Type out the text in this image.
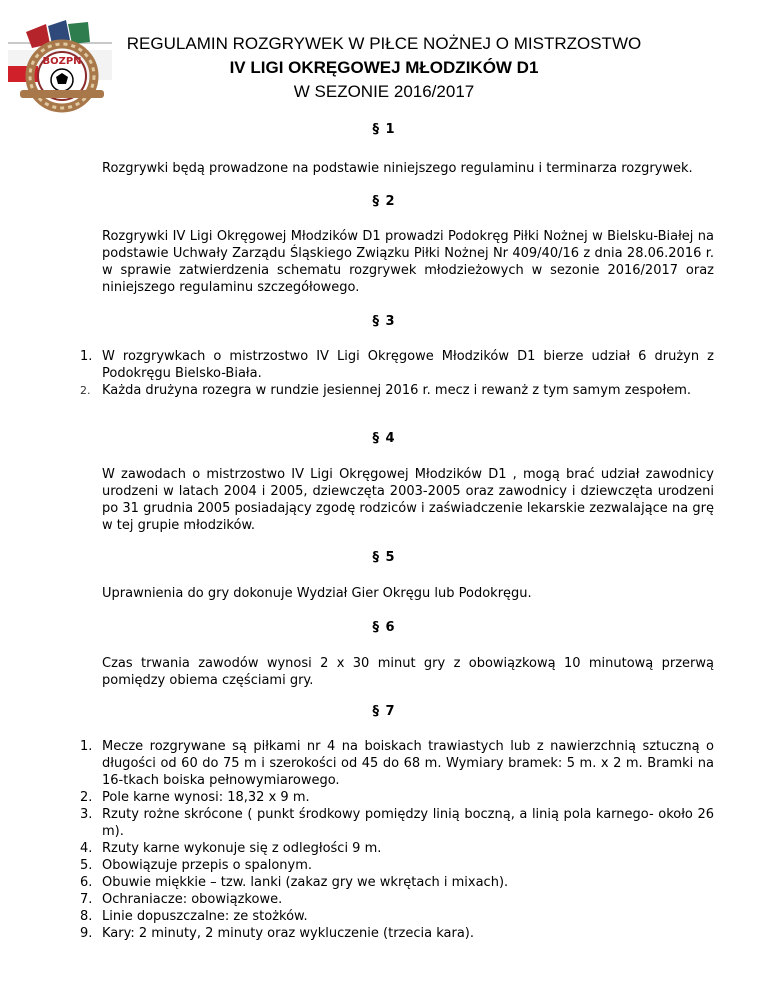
BOZPN
REGULAMIN ROZGRYWEK W PIŁCE NOŻNEJ O MISTRZOSTWO
IV LIGI OKRĘGOWEJ MŁODZIKÓW D1
W SEZONIE 2016/2017
§ 1
Rozgrywki będą prowadzone na podstawie niniejszego regulaminu i terminarza rozgrywek.
§ 2
Rozgrywki IV Ligi Okręgowej Młodzików D1 prowadzi Podokręg Piłki Nożnej w Bielsku-Białej na podstawie Uchwały Zarządu Śląskiego Związku Piłki Nożnej Nr 409/40/16 z dnia 28.06.2016 r. w sprawie zatwierdzenia schematu rozgrywek młodzieżowych w sezonie 2016/2017 oraz niniejszego regulaminu szczegółowego.
§ 3
1. W rozgrywkach o mistrzostwo IV Ligi Okręgowe Młodzików D1 bierze udział 6 drużyn z Podokręgu Bielsko-Biała.
2. Każda drużyna rozegra w rundzie jesiennej 2016 r. mecz i rewanż z tym samym zespołem.
§ 4
W zawodach o mistrzostwo IV Ligi Okręgowej Młodzików D1 , mogą brać udział zawodnicy urodzeni w latach 2004 i 2005, dziewczęta 2003-2005 oraz zawodnicy i dziewczęta urodzeni po 31 grudnia 2005 posiadający zgodę rodziców i zaświadczenie lekarskie zezwalające na grę w tej grupie młodzików.
§ 5
Uprawnienia do gry dokonuje Wydział Gier Okręgu lub Podokręgu.
§ 6
Czas trwania zawodów wynosi 2 x 30 minut gry z obowiązkową 10 minutową przerwą pomiędzy obiema częściami gry.
§ 7
1. Mecze rozgrywane są piłkami nr 4 na boiskach trawiastych lub z nawierzchnią sztuczną o długości od 60 do 75 m i szerokości od 45 do 68 m. Wymiary bramek: 5 m. x 2 m. Bramki na 16-tkach boiska pełnowymiarowego.
2. Pole karne wynosi: 18,32 x 9 m.
3. Rzuty rożne skrócone ( punkt środkowy pomiędzy linią boczną, a linią pola karnego- około 26 m).
4. Rzuty karne wykonuje się z odległości 9 m.
5. Obowiązuje przepis o spalonym.
6. Obuwie miękkie – tzw. lanki (zakaz gry we wkrętach i mixach).
7. Ochraniacze: obowiązkowe.
8. Linie dopuszczalne: ze stożków.
9. Kary: 2 minuty, 2 minuty oraz wykluczenie (trzecia kara).
